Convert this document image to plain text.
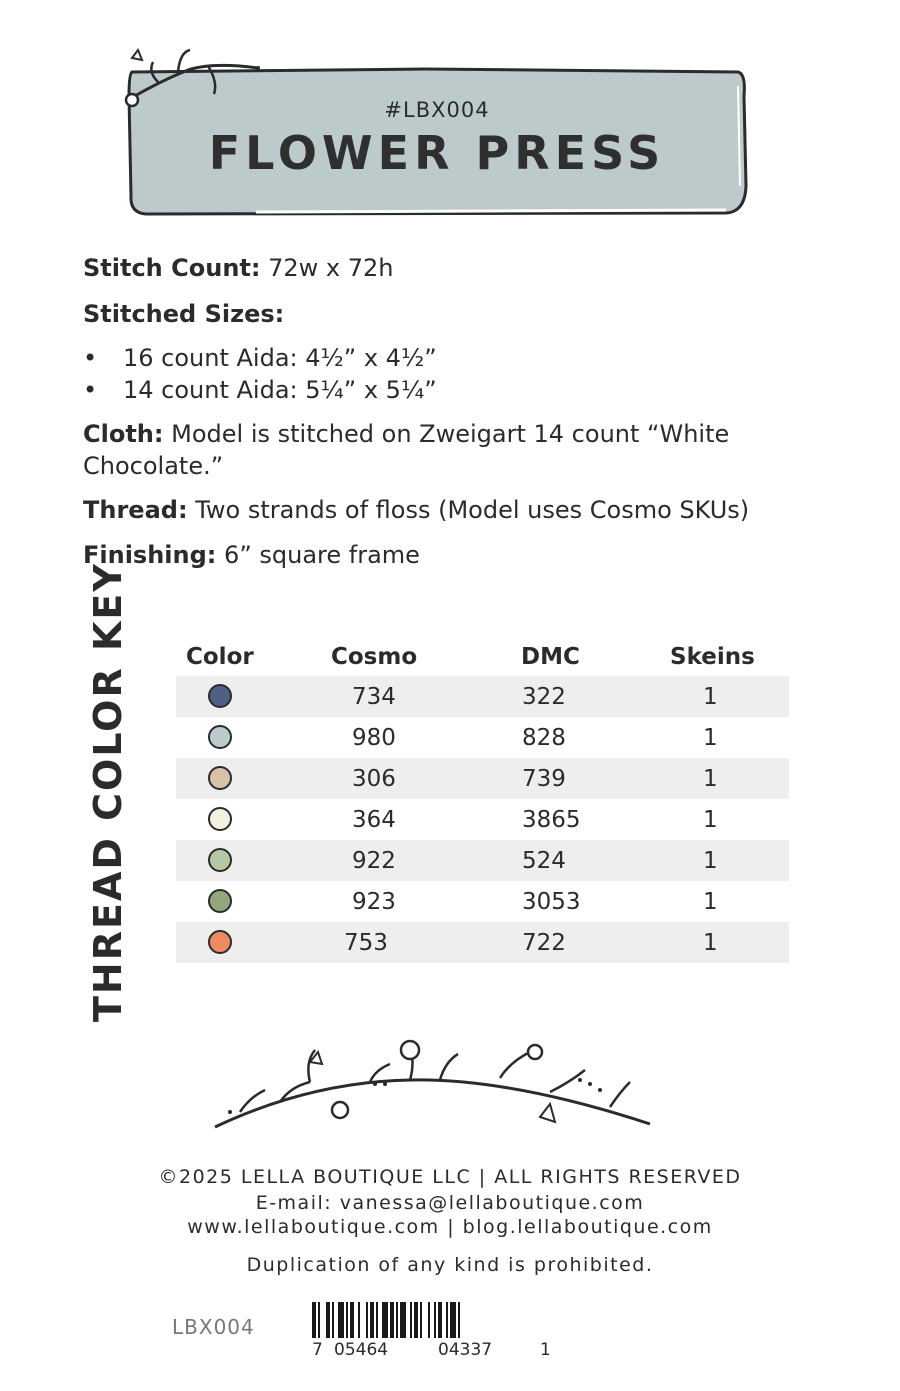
#LBX004
FLOWER PRESS
Stitch Count: 72w x 72h
Stitched Sizes:
• 16 count Aida: 4½” x 4½”
• 14 count Aida: 5¼” x 5¼”
Cloth: Model is stitched on Zweigart 14 count “White
Chocolate.”
Thread: Two strands of floss (Model uses Cosmo SKUs)
Finishing: 6” square frame
THREAD COLOR KEY Color	Cosmo	DMC	Skeins
734	322	1
980	828	1
306	739	1
364	3865	1
922	524	1
923	3053	1
753	722	1
©2025 LELLA BOUTIQUE LLC | ALL RIGHTS RESERVED
E-mail: vanessa@lellaboutique.com
www.lellaboutique.com | blog.lellaboutique.com
Duplication of any kind is prohibited.
LBX004
7 05464	04337	1
